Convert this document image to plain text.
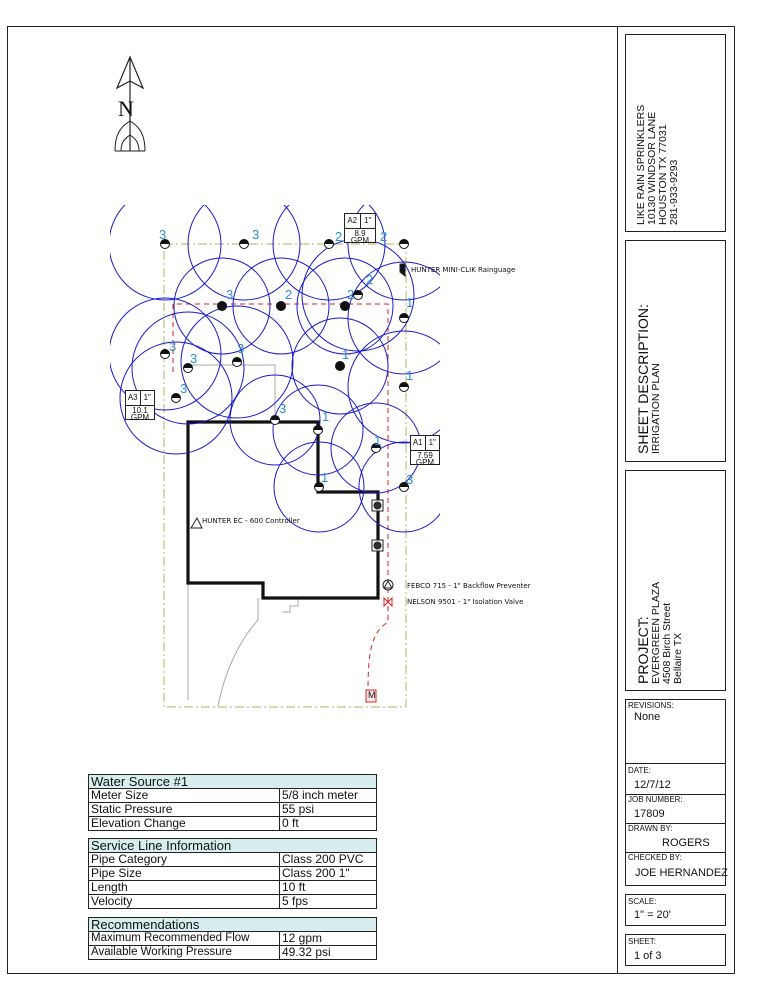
LIKE RAIN SPRINKLERS 10130 WINDSOR LANE HOUSTON TX 77031 281-933-9293
SHEET DESCRIPTION: IRRIGATION PLAN
PROJECT: EVERGREEN PLAZA 4508 Birch Street Bellaire TX
REVISIONS:
None
DATE:
12/7/12
JOB NUMBER:
17809
DRAWN BY:
ROGERS
CHECKED BY:
JOE HERNANDEZ
SCALE:
1" = 20'
SHEET:
1 of 3
N
M
A2 1"
8.9
GPM
A3 1"
10.1
GPM
A1 1"
7.59
GPM
HUNTER MINI-CLIK Rainguage
HUNTER EC - 600 Controller
FEBCO 715 - 1" Backflow Preventer
NELSON 9501 - 1" Isolation Valve
3	3	2	2
3	2	2
2
3	3
3
1
1
3
1
1
1
1	3
3
Water Source #1	
Meter Size	5/8 inch meter
Static Pressure	55 psi
Elevation Change	0 ft
Service Line Information	
Pipe Category	Class 200 PVC
Pipe Size	Class 200 1"
Length	10 ft
Velocity	5 fps
Recommendations	
Maximum Recommended Flow	12 gpm
Available Working Pressure	49.32 psi
